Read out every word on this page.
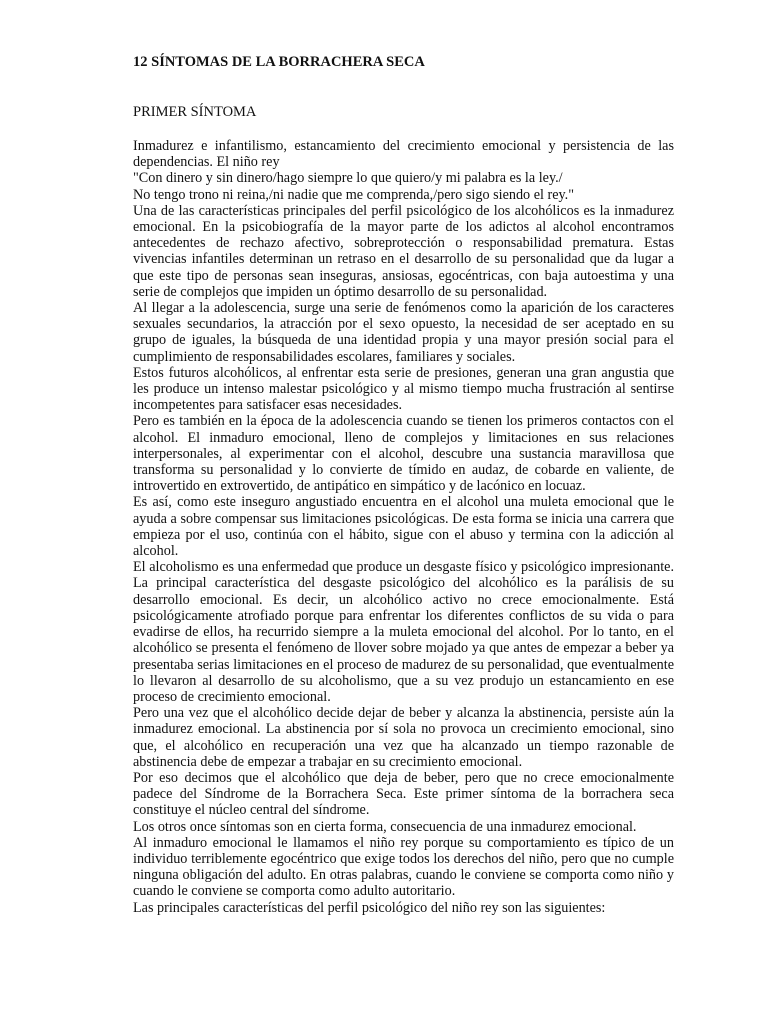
12 SÍNTOMAS DE LA BORRACHERA SECA
PRIMER SÍNTOMA

Inmadurez e infantilismo, estancamiento del crecimiento emocional y persistencia de las dependencias. El niño rey

"Con dinero y sin dinero/hago siempre lo que quiero/y mi palabra es la ley./

No tengo trono ni reina,/ni nadie que me comprenda,/pero sigo siendo el rey."

Una de las características principales del perfil psicológico de los alcohólicos es la inmadurez emocional. En la psicobiografía de la mayor parte de los adictos al alcohol encontramos antecedentes de rechazo afectivo, sobreprotección o responsabilidad prematura. Estas vivencias infantiles determinan un retraso en el desarrollo de su personalidad que da lugar a que este tipo de personas sean inseguras, ansiosas, egocéntricas, con baja autoestima y una serie de complejos que impiden un óptimo desarrollo de su personalidad.

Al llegar a la adolescencia, surge una serie de fenómenos como la aparición de los caracteres sexuales secundarios, la atracción por el sexo opuesto, la necesidad de ser aceptado en su grupo de iguales, la búsqueda de una identidad propia y una mayor presión social para el cumplimiento de responsabilidades escolares, familiares y sociales.

Estos futuros alcohólicos, al enfrentar esta serie de presiones, generan una gran angustia que les produce un intenso malestar psicológico y al mismo tiempo mucha frustración al sentirse incompetentes para satisfacer esas necesidades.

Pero es también en la época de la adolescencia cuando se tienen los primeros contactos con el alcohol. El inmaduro emocional, lleno de complejos y limitaciones en sus relaciones interpersonales, al experimentar con el alcohol, descubre una sustancia maravillosa que transforma su personalidad y lo convierte de tímido en audaz, de cobarde en valiente, de introvertido en extrovertido, de antipático en simpático y de lacónico en locuaz.

Es así, como este inseguro angustiado encuentra en el alcohol una muleta emocional que le ayuda a sobre compensar sus limitaciones psicológicas. De esta forma se inicia una carrera que empieza por el uso, continúa con el hábito, sigue con el abuso y termina con la adicción al alcohol.

El alcoholismo es una enfermedad que produce un desgaste físico y psicológico impresionante. La principal característica del desgaste psicológico del alcohólico es la parálisis de su desarrollo emocional. Es decir, un alcohólico activo no crece emocionalmente. Está psicológicamente atrofiado porque para enfrentar los diferentes conflictos de su vida o para evadirse de ellos, ha recurrido siempre a la muleta emocional del alcohol. Por lo tanto, en el alcohólico se presenta el fenómeno de llover sobre mojado ya que antes de empezar a beber ya presentaba serias limitaciones en el proceso de madurez de su personalidad, que eventualmente lo llevaron al desarrollo de su alcoholismo, que a su vez produjo un estancamiento en ese proceso de crecimiento emocional.

Pero una vez que el alcohólico decide dejar de beber y alcanza la abstinencia, persiste aún la inmadurez emocional. La abstinencia por sí sola no provoca un crecimiento emocional, sino que, el alcohólico en recuperación una vez que ha alcanzado un tiempo razonable de abstinencia debe de empezar a trabajar en su crecimiento emocional.

Por eso decimos que el alcohólico que deja de beber, pero que no crece emocionalmente padece del Síndrome de la Borrachera Seca. Este primer síntoma de la borrachera seca constituye el núcleo central del síndrome.

Los otros once síntomas son en cierta forma, consecuencia de una inmadurez emocional.

Al inmaduro emocional le llamamos el niño rey porque su comportamiento es típico de un individuo terriblemente egocéntrico que exige todos los derechos del niño, pero que no cumple ninguna obligación del adulto. En otras palabras, cuando le conviene se comporta como niño y cuando le conviene se comporta como adulto autoritario.

Las principales características del perfil psicológico del niño rey son las siguientes:
